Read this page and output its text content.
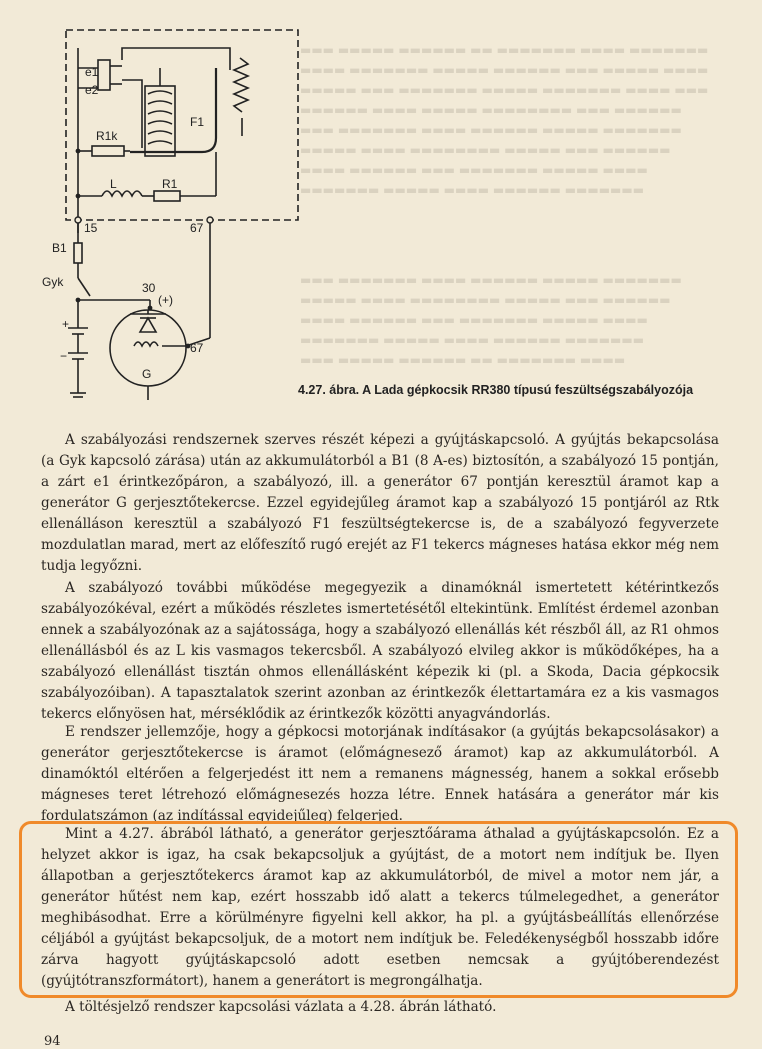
▬▬▬ ▬▬▬▬▬ ▬▬▬▬▬▬ ▬▬ ▬▬▬▬▬▬▬ ▬▬▬▬ ▬▬▬▬▬▬▬
▬▬▬▬ ▬▬▬▬▬▬▬ ▬▬▬▬▬ ▬▬▬▬▬▬ ▬▬▬ ▬▬▬▬▬ ▬▬▬▬
▬▬▬▬▬ ▬▬▬ ▬▬▬▬▬▬▬ ▬▬▬▬▬ ▬▬▬▬▬▬▬ ▬▬▬▬ ▬▬▬
▬▬▬▬▬▬ ▬▬▬▬ ▬▬▬▬▬ ▬▬▬▬▬▬▬▬ ▬▬▬ ▬▬▬▬▬▬
▬▬▬ ▬▬▬▬▬▬▬ ▬▬▬▬ ▬▬▬▬▬▬ ▬▬▬▬▬ ▬▬▬▬▬▬▬
▬▬▬▬▬ ▬▬▬▬ ▬▬▬▬▬▬▬▬ ▬▬▬▬▬ ▬▬▬ ▬▬▬▬▬▬
▬▬▬▬ ▬▬▬▬▬▬ ▬▬▬ ▬▬▬▬▬▬▬ ▬▬▬▬▬ ▬▬▬▬
▬▬▬▬▬▬▬ ▬▬▬▬▬ ▬▬▬▬ ▬▬▬▬▬▬ ▬▬▬▬▬▬▬
▬▬▬ ▬▬▬▬▬▬▬ ▬▬▬▬ ▬▬▬▬▬▬ ▬▬▬▬▬ ▬▬▬▬▬▬▬
▬▬▬▬▬ ▬▬▬▬ ▬▬▬▬▬▬▬▬ ▬▬▬▬▬ ▬▬▬ ▬▬▬▬▬▬
▬▬▬▬ ▬▬▬▬▬▬ ▬▬▬ ▬▬▬▬▬▬▬ ▬▬▬▬▬ ▬▬▬▬
▬▬▬▬▬▬▬ ▬▬▬▬▬ ▬▬▬▬ ▬▬▬▬▬▬ ▬▬▬▬▬▬▬
▬▬▬ ▬▬▬▬▬ ▬▬▬▬▬▬ ▬▬ ▬▬▬▬▬▬▬ ▬▬▬▬
e1
e2
F1
R1k
L	R1
15	67
B1
Gyk	30
(+)
67
G
+
−
4.27. ábra. A Lada gépkocsik RR380 típusú feszültségszabályozója

A szabályozási rendszernek szerves részét képezi a gyújtáskapcsoló. A gyújtás bekapcsolása (a Gyk kapcsoló zárása) után az akkumulátorból a B1 (8 A-es) biztosítón, a szabályozó 15 pontján, a zárt e1 érintkezőpáron, a szabályozó, ill. a generátor 67 pontján keresztül áramot kap a generátor G gerjesztőtekercse. Ezzel egyidejűleg áramot kap a szabályozó 15 pontjáról az Rtk ellenálláson keresztül a szabályozó F1 feszültségtekercse is, de a szabályozó fegyverzete mozdulatlan marad, mert az előfeszítő rugó erejét az F1 tekercs mágneses hatása ekkor még nem tudja legyőzni.

A szabályozó további működése megegyezik a dinamóknál ismertetett kétérintkezős szabályozókéval, ezért a működés részletes ismertetésétől eltekintünk. Említést érdemel azonban ennek a szabályozónak az a sajátossága, hogy a szabályozó ellenállás két részből áll, az R1 ohmos ellenállásból és az L kis vasmagos tekercsből. A szabályozó elvileg akkor is működőképes, ha a szabályozó ellenállást tisztán ohmos ellenállásként képezik ki (pl. a Skoda, Dacia gépkocsik szabályozóiban). A tapasztalatok szerint azonban az érintkezők élettartamára ez a kis vasmagos tekercs előnyösen hat, mérséklődik az érintkezők közötti anyagvándorlás.

E rendszer jellemzője, hogy a gépkocsi motorjának indításakor (a gyújtás bekapcsolásakor) a generátor gerjesztőtekercse is áramot (előmágnesező áramot) kap az akkumulátorból. A dinamóktól eltérően a felgerjedést itt nem a remanens mágnesség, hanem a sokkal erősebb mágneses teret létrehozó előmágnesezés hozza létre. Ennek hatására a generátor már kis fordulatszámon (az indítással egyidejűleg) felgerjed.

Mint a 4.27. ábrából látható, a generátor gerjesztőárama áthalad a gyújtáskapcsolón. Ez a helyzet akkor is igaz, ha csak bekapcsoljuk a gyújtást, de a motort nem indítjuk be. Ilyen állapotban a gerjesztőtekercs áramot kap az akkumulátorból, de mivel a motor nem jár, a generátor hűtést nem kap, ezért hosszabb idő alatt a tekercs túlmelegedhet, a generátor meghibásodhat. Erre a körülményre figyelni kell akkor, ha pl. a gyújtásbeállítás ellenőrzése céljából a gyújtást bekapcsoljuk, de a motort nem indítjuk be. Feledékenységből hosszabb időre zárva hagyott gyújtáskapcsoló adott esetben nemcsak a gyújtóberendezést (gyújtótranszformátort), hanem a generátort is megrongálhatja.

A töltésjelző rendszer kapcsolási vázlata a 4.28. ábrán látható.

94
